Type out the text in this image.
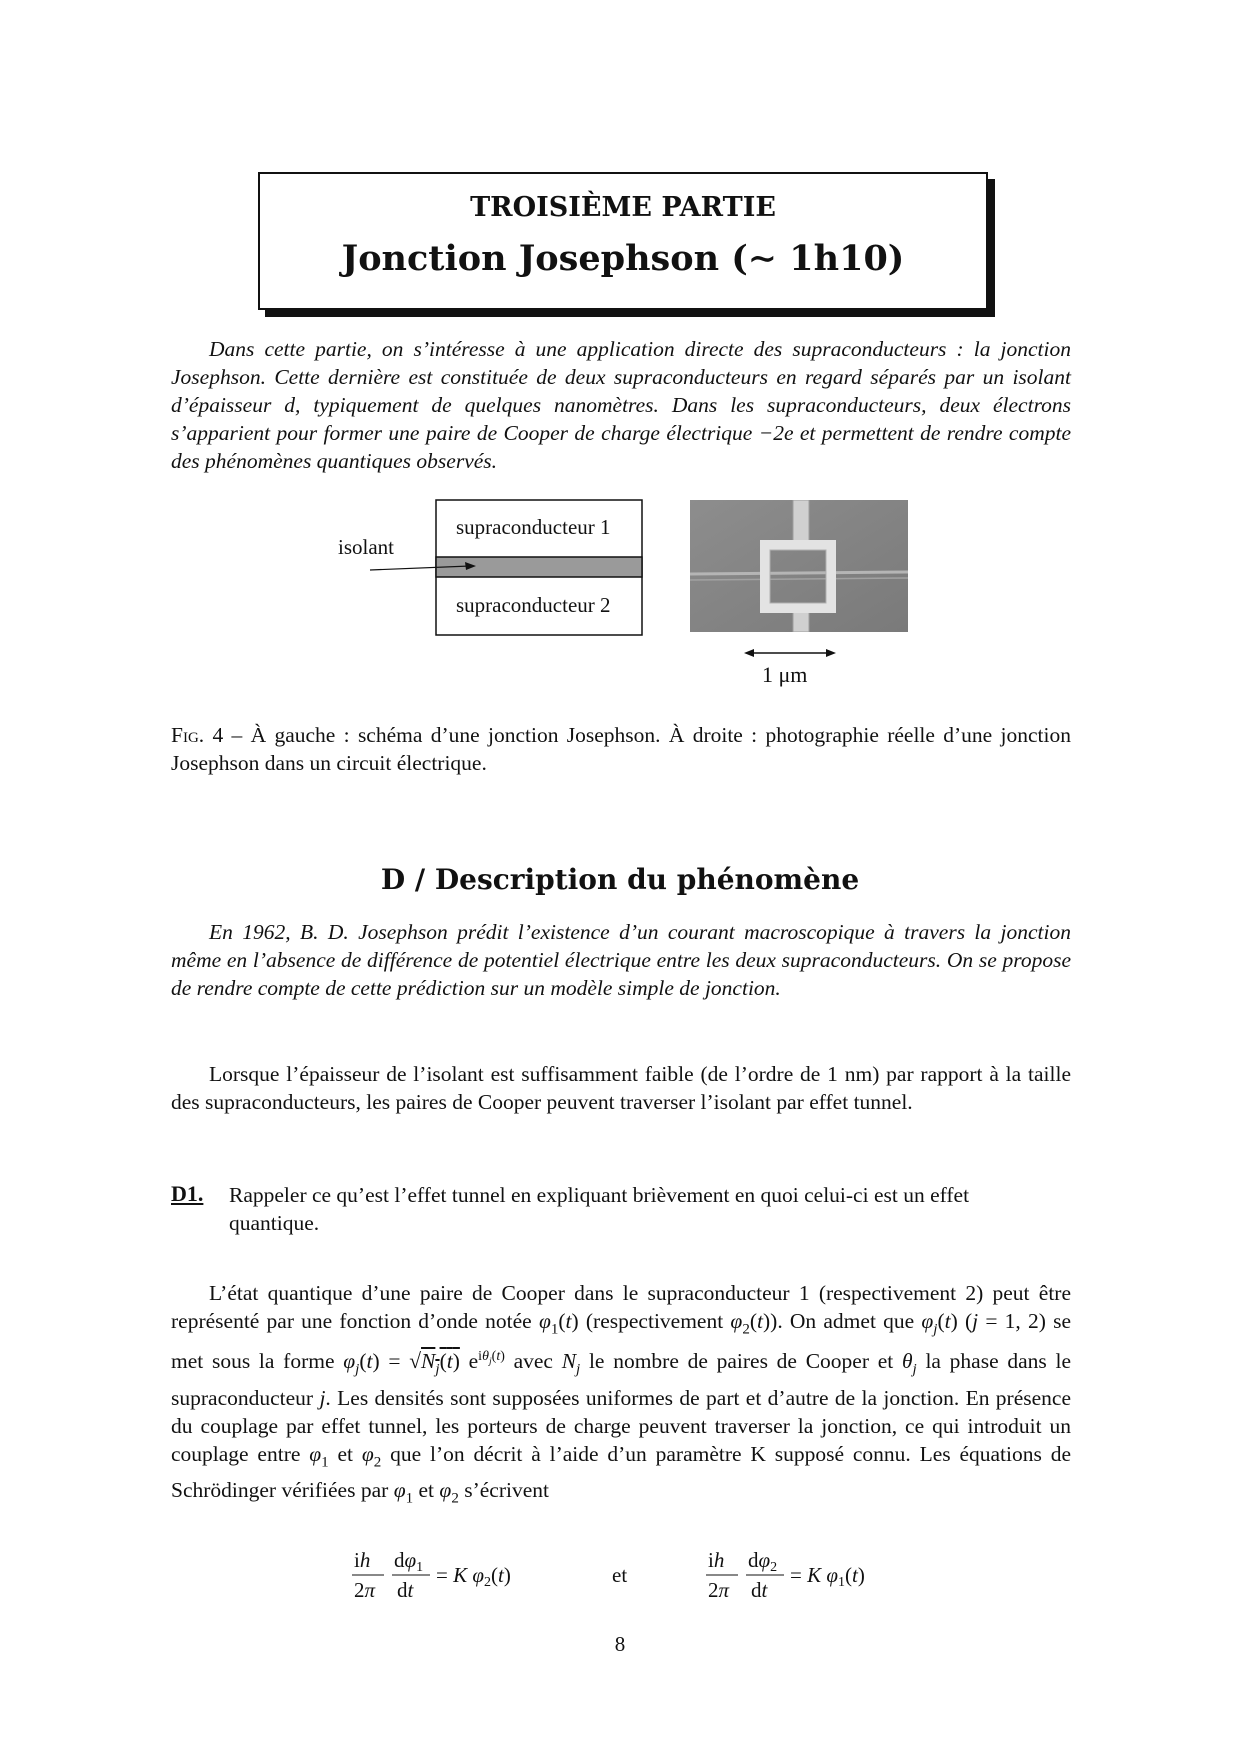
TROISIÈME PARTIE
Jonction Josephson (∼ 1h10)

Dans cette partie, on s’intéresse à une application directe des supraconducteurs : la jonction Josephson. Cette dernière est constituée de deux supraconducteurs en regard séparés par un isolant d’épaisseur d, typiquement de quelques nanomètres. Dans les supraconducteurs, deux électrons s’apparient pour former une paire de Cooper de charge électrique −2e et permettent de rendre compte des phénomènes quantiques observés.

supraconducteur 1
supraconducteur 2
isolant
1 μm

Fig. 4 – À gauche : schéma d’une jonction Josephson. À droite : photographie réelle d’une jonction Josephson dans un circuit électrique.

D / Description du phénomène

En 1962, B. D. Josephson prédit l’existence d’un courant macroscopique à travers la jonction même en l’absence de différence de potentiel électrique entre les deux supraconducteurs. On se propose de rendre compte de cette prédiction sur un modèle simple de jonction.

Lorsque l’épaisseur de l’isolant est suffisamment faible (de l’ordre de 1 nm) par rapport à la taille des supraconducteurs, les paires de Cooper peuvent traverser l’isolant par effet tunnel.

D1. Rappeler ce qu’est l’effet tunnel en expliquant brièvement en quoi celui-ci est un effet quantique.

L’état quantique d’une paire de Cooper dans le supraconducteur 1 (respectivement 2) peut être représenté par une fonction d’onde notée $\varphi_1(t)$ (respectivement $\varphi_2(t)$). On admet que $\varphi_j(t) (j = 1$, 2) se met sous la forme $\varphi_j(t) = √N_j(t)$ $e^{i\theta_j(t)}$ avec $N_j$ le nombre de paires de Cooper et $\theta_j$ la phase dans le supraconducteur j. Les densités sont supposées uniformes de part et d’autre de la jonction. En présence du couplage par effet tunnel, les porteurs de charge peuvent traverser la jonction, ce qui introduit un couplage entre $\varphi_1$ et $\varphi_2$ que l’on décrit à l’aide d’un paramètre K supposé connu. Les équations de Schrödinger vérifiées par $\varphi_1$ et $\varphi_2$ s’écrivent

ih
2π
dφ1
dt
= K φ2(t)	et
ih
2π
dφ2
dt
= K φ1(t)
8
